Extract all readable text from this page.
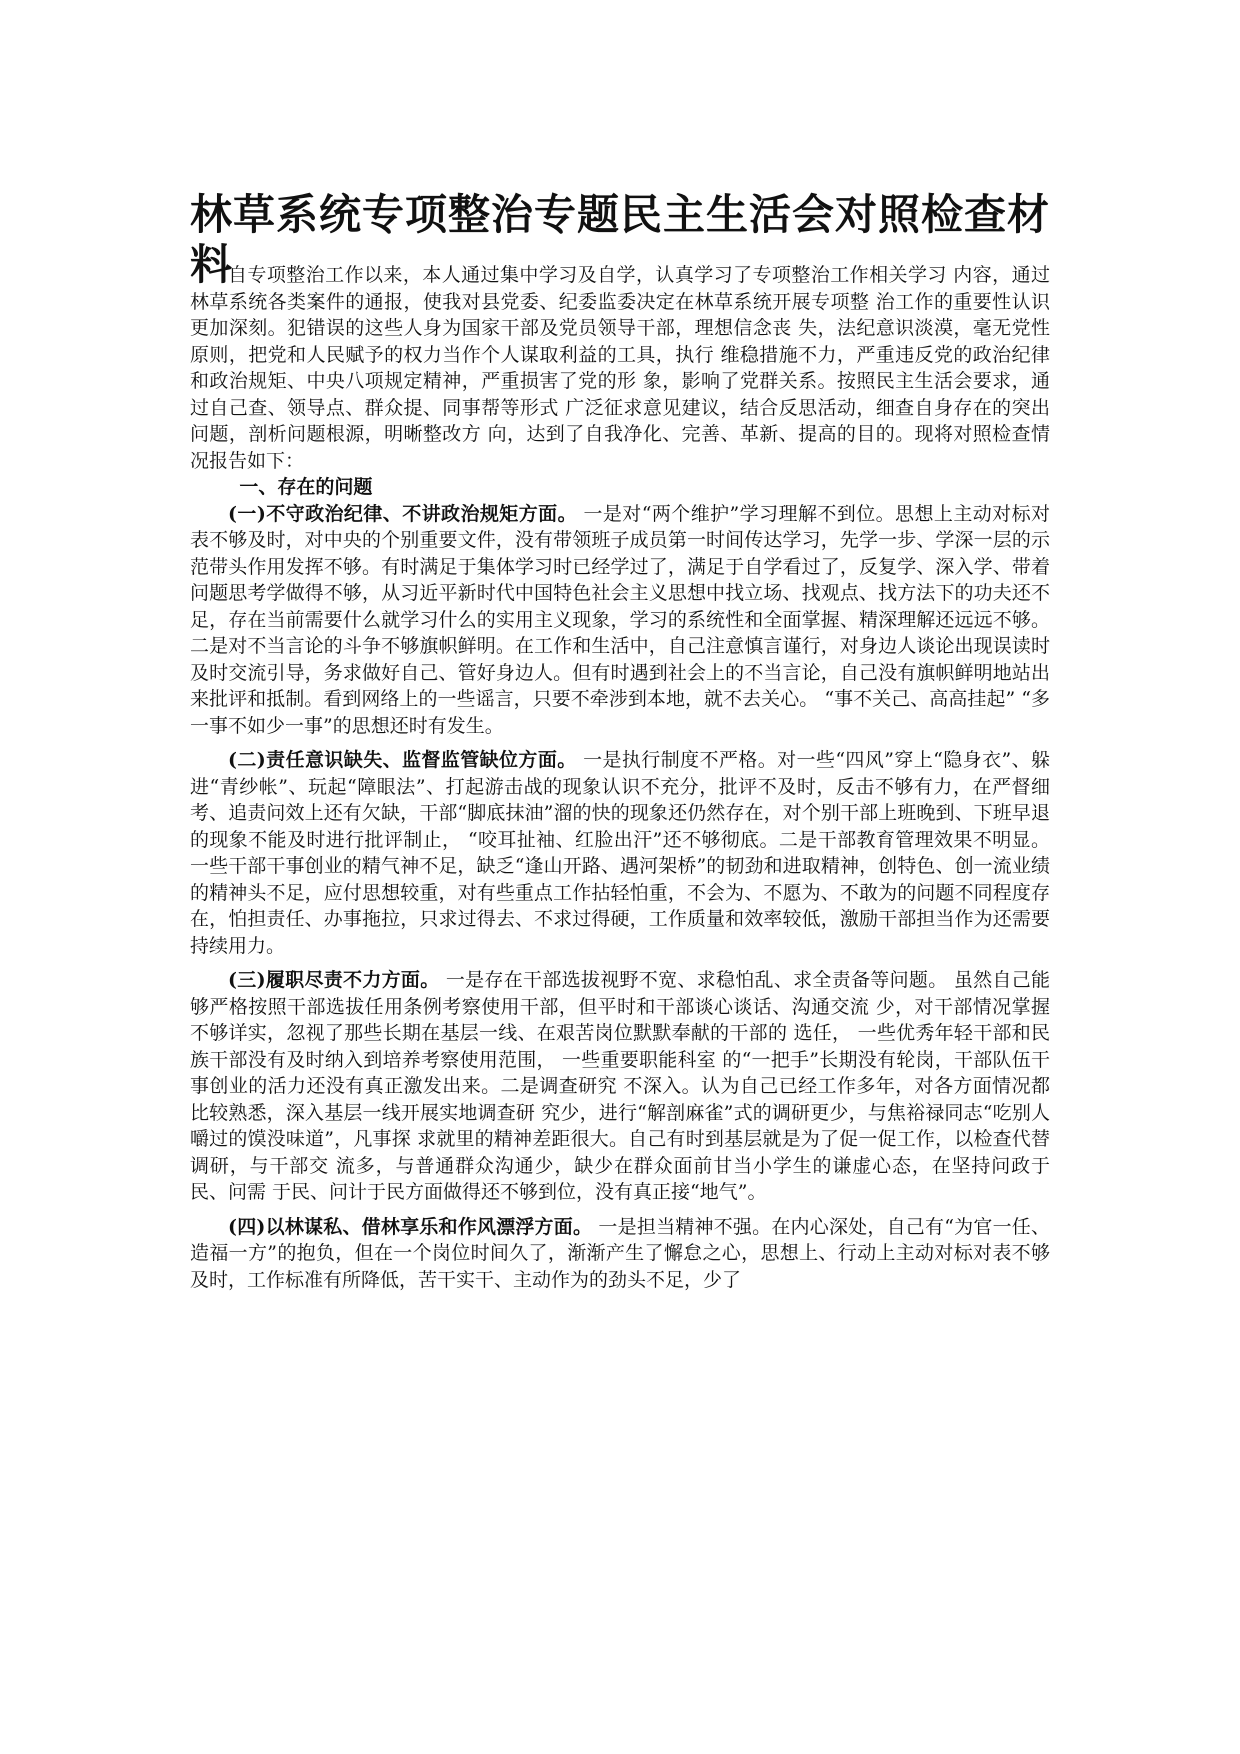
林草系统专项整治专题民主生活会对照检查材料

自专项整治工作以来，本人通过集中学习及自学，认真学习了专项整治工作相关学习 内容，通过林草系统各类案件的通报，使我对县党委、纪委监委决定在林草系统开展专项整 治工作的重要性认识更加深刻。犯错误的这些人身为国家干部及党员领导干部，理想信念丧 失，法纪意识淡漠，毫无党性原则，把党和人民赋予的权力当作个人谋取利益的工具，执行 维稳措施不力，严重违反党的政治纪律和政治规矩、中央八项规定精神，严重损害了党的形 象，影响了党群关系。按照民主生活会要求，通过自己查、领导点、群众提、同事帮等形式 广泛征求意见建议，结合反思活动，细查自身存在的突出问题，剖析问题根源，明晰整改方 向，达到了自我净化、完善、革新、提高的目的。现将对照检查情况报告如下：

一、存在的问题

(一)不守政治纪律、不讲政治规矩方面。 一是对“两个维护”学习理解不到位。思想上主动对标对表不够及时，对中央的个别重要文件，没有带领班子成员第一时间传达学习，先学一步、学深一层的示范带头作用发挥不够。有时满足于集体学习时已经学过了，满足于自学看过了，反复学、深入学、带着问题思考学做得不够，从习近平新时代中国特色社会主义思想中找立场、找观点、找方法下的功夫还不足，存在当前需要什么就学习什么的实用主义现象，学习的系统性和全面掌握、精深理解还远远不够。二是对不当言论的斗争不够旗帜鲜明。在工作和生活中，自己注意慎言谨行，对身边人谈论出现误读时及时交流引导，务求做好自己、管好身边人。但有时遇到社会上的不当言论，自己没有旗帜鲜明地站出来批评和抵制。看到网络上的一些谣言，只要不牵涉到本地，就不去关心。 “事不关己、高高挂起” “多一事不如少一事”的思想还时有发生。

(二)责任意识缺失、监督监管缺位方面。 一是执行制度不严格。对一些“四风”穿上“隐身衣”、躲进“青纱帐”、玩起“障眼法”、打起游击战的现象认识不充分，批评不及时，反击不够有力，在严督细考、追责问效上还有欠缺，干部“脚底抹油”溜的快的现象还仍然存在，对个别干部上班晚到、下班早退的现象不能及时进行批评制止， “咬耳扯袖、红脸出汗”还不够彻底。二是干部教育管理效果不明显。 一些干部干事创业的精气神不足，缺乏“逢山开路、遇河架桥”的韧劲和进取精神，创特色、创一流业绩的精神头不足，应付思想较重，对有些重点工作拈轻怕重，不会为、不愿为、不敢为的问题不同程度存在，怕担责任、办事拖拉，只求过得去、不求过得硬，工作质量和效率较低，激励干部担当作为还需要持续用力。

(三)履职尽责不力方面。 一是存在干部选拔视野不宽、求稳怕乱、求全责备等问题。 虽然自己能够严格按照干部选拔任用条例考察使用干部，但平时和干部谈心谈话、沟通交流 少，对干部情况掌握不够详实，忽视了那些长期在基层一线、在艰苦岗位默默奉献的干部的 选任， 一些优秀年轻干部和民族干部没有及时纳入到培养考察使用范围， 一些重要职能科室 的“一把手”长期没有轮岗，干部队伍干事创业的活力还没有真正激发出来。二是调查研究 不深入。认为自己已经工作多年，对各方面情况都比较熟悉，深入基层一线开展实地调查研 究少，进行“解剖麻雀”式的调研更少，与焦裕禄同志“吃别人嚼过的馍没味道”，凡事探 求就里的精神差距很大。自己有时到基层就是为了促一促工作，以检查代替调研，与干部交 流多，与普通群众沟通少，缺少在群众面前甘当小学生的谦虚心态，在坚持问政于民、问需 于民、问计于民方面做得还不够到位，没有真正接“地气”。

(四)以林谋私、借林享乐和作风漂浮方面。 一是担当精神不强。在内心深处，自己有“为官一任、造福一方”的抱负，但在一个岗位时间久了，渐渐产生了懈怠之心，思想上、行动上主动对标对表不够及时，工作标准有所降低，苦干实干、主动作为的劲头不足，少了
